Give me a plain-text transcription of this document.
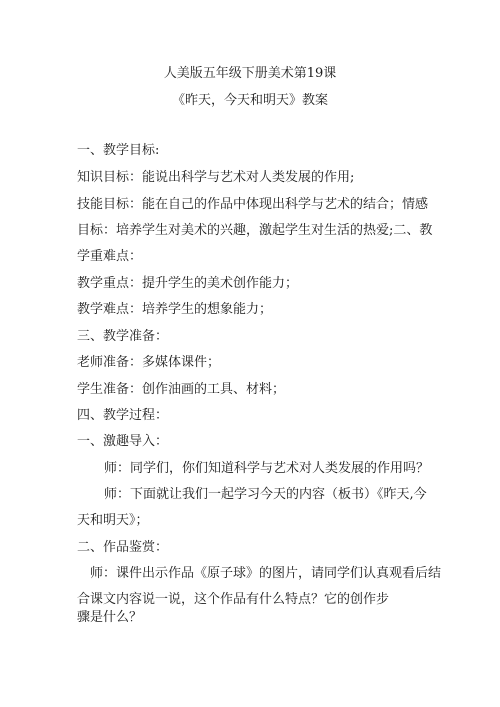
人美版五年级下册美术第19课
《昨天，今天和明天》教案
一、教学目标:
知识目标：能说出科学与艺术对人类发展的作用;
技能目标：能在自己的作品中体现出科学与艺术的结合；情感
目标：培养学生对美术的兴趣，激起学生对生活的热爱;二、教
学重难点：
教学重点：提升学生的美术创作能力；
教学难点：培养学生的想象能力；
三、教学准备：
老师准备：多媒体课件；
学生准备：创作油画的工具、材料；
四、教学过程：
一、激趣导入：
师：同学们，你们知道科学与艺术对人类发展的作用吗？
师：下面就让我们一起学习今天的内容（板书）《昨天,今
天和明天》；
二、作品鉴赏：
师：课件出示作品《原子球》的图片，请同学们认真观看后结
合课文内容说一说，这个作品有什么特点？它的创作步
骤是什么？
